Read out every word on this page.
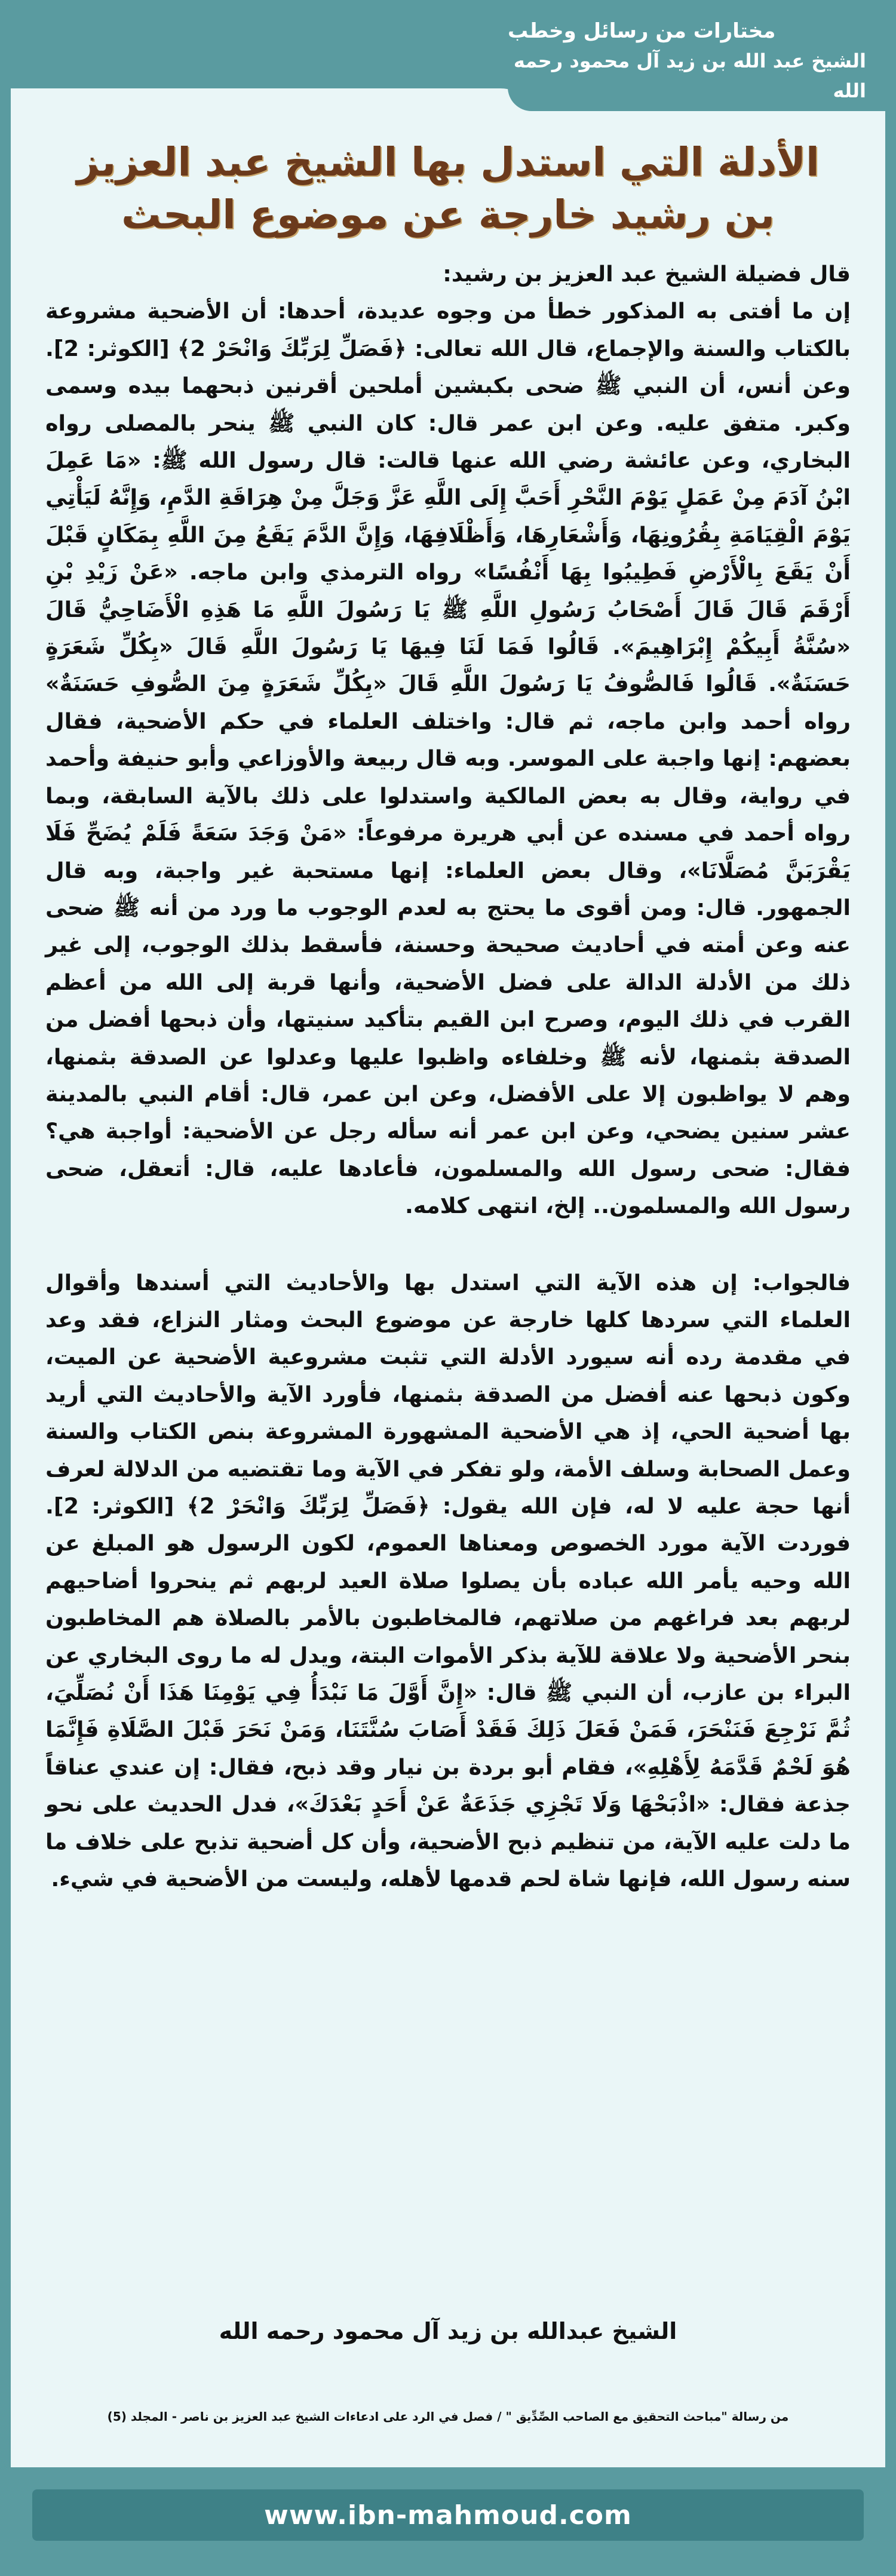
مختارات من رسائل وخطب
الشيخ عبد الله بن زيد آل محمود رحمه الله
الأدلة التي استدل بها الشيخ عبد العزيز بن رشيد خارجة عن موضوع البحث

قال فضيلة الشيخ عبد العزيز بن رشيد:

إن ما أفتى به المذكور خطأ من وجوه عديدة، أحدها: أن الأضحية مشروعة بالكتاب والسنة والإجماع، قال الله تعالى: ﴿فَصَلِّ لِرَبِّكَ وَانْحَرْ 2﴾ [الكوثر: 2]. وعن أنس، أن النبي ﷺ ضحى بكبشين أملحين أقرنين ذبحهما بيده وسمى وكبر. متفق عليه. وعن ابن عمر قال: كان النبي ﷺ ينحر بالمصلى رواه البخاري، وعن عائشة رضي الله عنها قالت: قال رسول الله ﷺ: «مَا عَمِلَ ابْنُ آدَمَ مِنْ عَمَلٍ يَوْمَ النَّحْرِ أَحَبَّ إِلَى اللَّهِ عَزَّ وَجَلَّ مِنْ هِرَاقَةِ الدَّمِ، وَإِنَّهُ لَيَأْتِي يَوْمَ الْقِيَامَةِ بِقُرُونِهَا، وَأَشْعَارِهَا، وَأَظْلَافِهَا، وَإِنَّ الدَّمَ يَقَعُ مِنَ اللَّهِ بِمَكَانٍ قَبْلَ أَنْ يَقَعَ بِالْأَرْضِ فَطِيبُوا بِهَا أَنْفُسًا» رواه الترمذي وابن ماجه. «عَنْ زَيْدِ بْنِ أَرْقَمَ قَالَ قَالَ أَصْحَابُ رَسُولِ اللَّهِ ﷺ يَا رَسُولَ اللَّهِ مَا هَذِهِ الْأَضَاحِيُّ قَالَ «سُنَّةُ أَبِيكُمْ إِبْرَاهِيمَ». قَالُوا فَمَا لَنَا فِيهَا يَا رَسُولَ اللَّهِ قَالَ «بِكُلِّ شَعَرَةٍ حَسَنَةٌ». قَالُوا فَالصُّوفُ يَا رَسُولَ اللَّهِ قَالَ «بِكُلِّ شَعَرَةٍ مِنَ الصُّوفِ حَسَنَةٌ» رواه أحمد وابن ماجه، ثم قال: واختلف العلماء في حكم الأضحية، فقال بعضهم: إنها واجبة على الموسر. وبه قال ربيعة والأوزاعي وأبو حنيفة وأحمد في رواية، وقال به بعض المالكية واستدلوا على ذلك بالآية السابقة، وبما رواه أحمد في مسنده عن أبي هريرة مرفوعاً: «مَنْ وَجَدَ سَعَةً فَلَمْ يُضَحِّ فَلَا يَقْرَبَنَّ مُصَلَّانَا»، وقال بعض العلماء: إنها مستحبة غير واجبة، وبه قال الجمهور. قال: ومن أقوى ما يحتج به لعدم الوجوب ما ورد من أنه ﷺ ضحى عنه وعن أمته في أحاديث صحيحة وحسنة، فأسقط بذلك الوجوب، إلى غير ذلك من الأدلة الدالة على فضل الأضحية، وأنها قربة إلى الله من أعظم القرب في ذلك اليوم، وصرح ابن القيم بتأكيد سنيتها، وأن ذبحها أفضل من الصدقة بثمنها، لأنه ﷺ وخلفاءه واظبوا عليها وعدلوا عن الصدقة بثمنها، وهم لا يواظبون إلا على الأفضل، وعن ابن عمر، قال: أقام النبي بالمدينة عشر سنين يضحي، وعن ابن عمر أنه سأله رجل عن الأضحية: أواجبة هي؟ فقال: ضحى رسول الله والمسلمون، فأعادها عليه، قال: أتعقل، ضحى رسول الله والمسلمون.. إلخ، انتهى كلامه.

فالجواب: إن هذه الآية التي استدل بها والأحاديث التي أسندها وأقوال العلماء التي سردها كلها خارجة عن موضوع البحث ومثار النزاع، فقد وعد في مقدمة رده أنه سيورد الأدلة التي تثبت مشروعية الأضحية عن الميت، وكون ذبحها عنه أفضل من الصدقة بثمنها، فأورد الآية والأحاديث التي أريد بها أضحية الحي، إذ هي الأضحية المشهورة المشروعة بنص الكتاب والسنة وعمل الصحابة وسلف الأمة، ولو تفكر في الآية وما تقتضيه من الدلالة لعرف أنها حجة عليه لا له، فإن الله يقول: ﴿فَصَلِّ لِرَبِّكَ وَانْحَرْ 2﴾ [الكوثر: 2]. فوردت الآية مورد الخصوص ومعناها العموم، لكون الرسول هو المبلغ عن الله وحيه يأمر الله عباده بأن يصلوا صلاة العيد لربهم ثم ينحروا أضاحيهم لربهم بعد فراغهم من صلاتهم، فالمخاطبون بالأمر بالصلاة هم المخاطبون بنحر الأضحية ولا علاقة للآية بذكر الأموات البتة، ويدل له ما روى البخاري عن البراء بن عازب، أن النبي ﷺ قال: «إِنَّ أَوَّلَ مَا نَبْدَأُ فِي يَوْمِنَا هَذَا أَنْ نُصَلِّيَ، ثُمَّ نَرْجِعَ فَنَنْحَرَ، فَمَنْ فَعَلَ ذَلِكَ فَقَدْ أَصَابَ سُنَّتَنَا، وَمَنْ نَحَرَ قَبْلَ الصَّلَاةِ فَإِنَّمَا هُوَ لَحْمٌ قَدَّمَهُ لِأَهْلِهِ»، فقام أبو بردة بن نيار وقد ذبح، فقال: إن عندي عناقاً جذعة فقال: «اذْبَحْهَا وَلَا تَجْزِي جَذَعَةٌ عَنْ أَحَدٍ بَعْدَكَ»، فدل الحديث على نحو ما دلت عليه الآية، من تنظيم ذبح الأضحية، وأن كل أضحية تذبح على خلاف ما سنه رسول الله، فإنها شاة لحم قدمها لأهله، وليست من الأضحية في شيء.

الشيخ عبدالله بن زيد آل محمود رحمه الله
من رسالة "مباحث التحقيق مع الصاحب الصِّدِّيق " / فصل في الرد على ادعاءات الشيخ عبد العزيز بن ناصر - المجلد (5)
www.ibn-mahmoud.com
